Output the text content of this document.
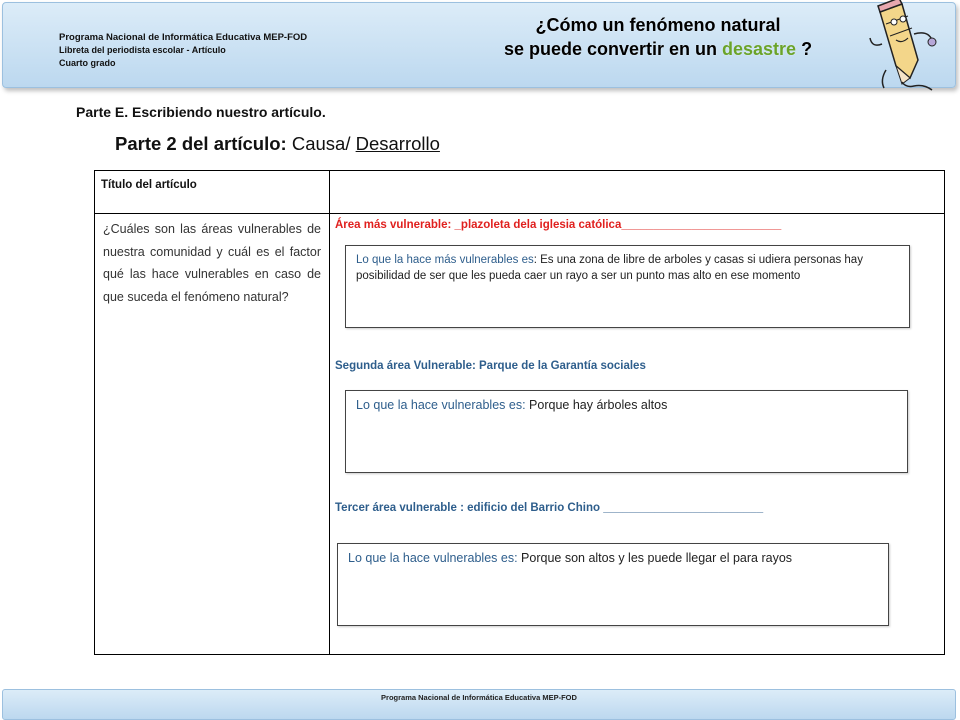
Programa Nacional de Informática Educativa MEP-FOD
Libreta del periodista escolar - Artículo
Cuarto grado
¿Cómo un fenómeno natural
se puede convertir en un desastre ?
Parte E. Escribiendo nuestro artículo.
Parte 2 del artículo: Causa/ Desarrollo
Título del artículo
¿Cuáles son las áreas vulnerables de nuestra comunidad y cuál es el factor qué las hace vulnerables en caso de que suceda el fenómeno natural?
Área más vulnerable: _plazoleta dela iglesia católica_________________________
Lo que la hace más vulnerables es: Es una zona de libre de arboles y casas si udiera personas hay posibilidad de ser que les pueda caer un rayo a ser un punto mas alto en ese momento
Segunda área Vulnerable: Parque de la Garantía sociales
Lo que la hace vulnerables es: Porque hay árboles altos
Tercer área vulnerable : edificio del Barrio Chino _________________________
Lo que la hace vulnerables es: Porque son altos y les puede llegar el para rayos
Programa Nacional de Informática Educativa MEP-FOD
